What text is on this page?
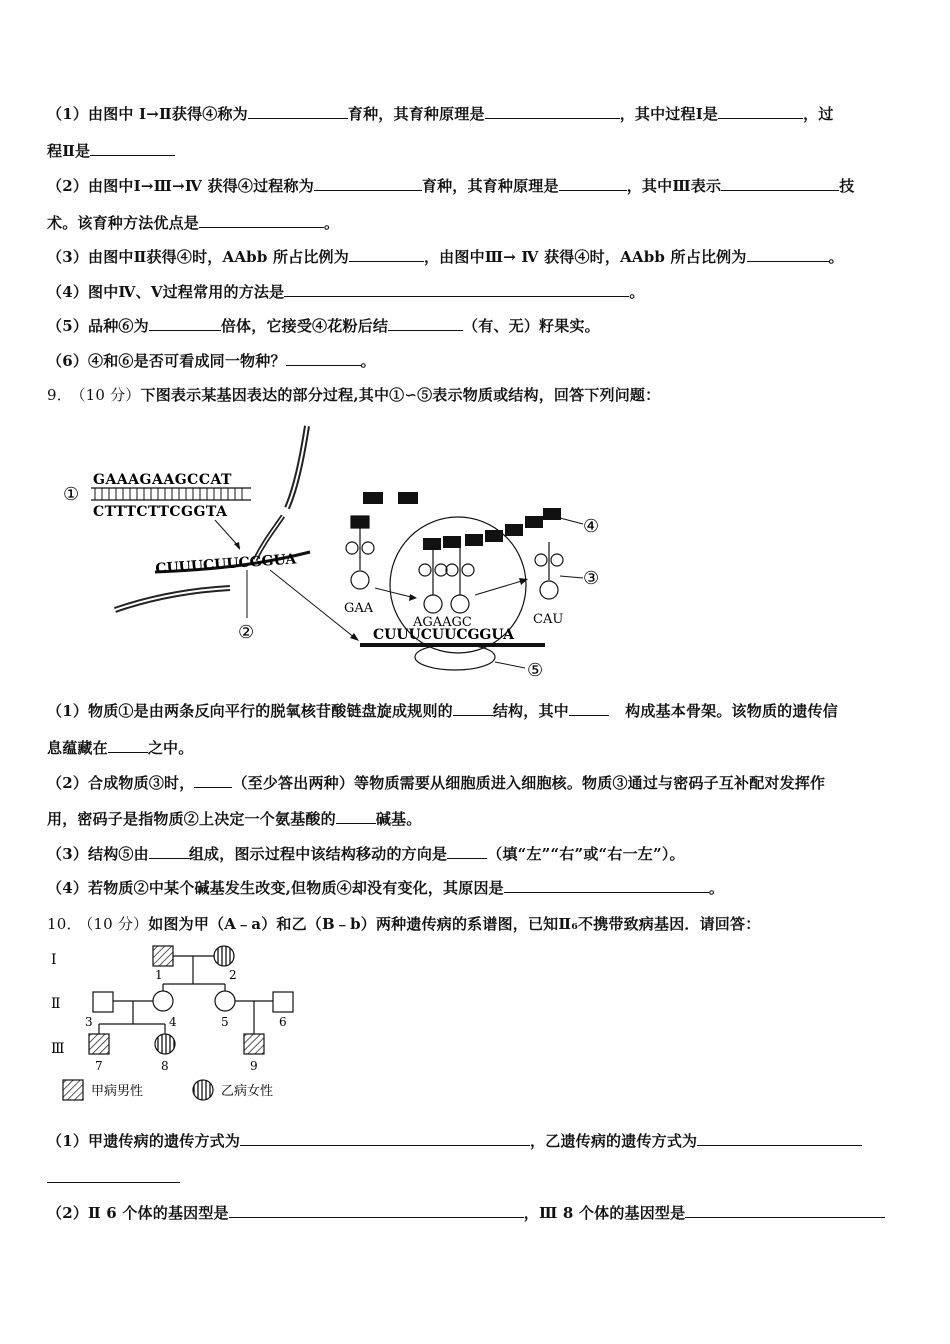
（1）由图中 Ⅰ→Ⅱ获得④称为	育种，其育种原理是	，其中过程Ⅰ是	，过
程Ⅱ是
（2）由图中Ⅰ→Ⅲ→Ⅳ 获得④过程称为	育种，其育种原理是	，其中Ⅲ表示	技
术。该育种方法优点是	。
（3）由图中Ⅱ获得④时，AAbb 所占比例为	，由图中Ⅲ→ Ⅳ 获得④时，AAbb 所占比例为	。
（4）图中Ⅳ、Ⅴ过程常用的方法是	。
（5）品种⑥为	倍体，它接受④花粉后结	（有、无）籽果实。
（6）④和⑥是否可看成同一物种？	。
9． （10 分）下图表示某基因表达的部分过程,其中①∽⑤表示物质或结构，回答下列问题：
①
GAAAGAAGCCAT
CTTTCTTCGGTA
CUUUCUUCGGUA
②
GAA
④
AGAAGC	CAU
③
CUUUCUUCGGUA
⑤
（1）物质①是由两条反向平行的脱氧核苷酸链盘旋成规则的	结构，其中	构成基本骨架。该物质的遗传信
息蕴藏在	之中。
（2）合成物质③时，	（至少答出两种）等物质需要从细胞质进入细胞核。物质③通过与密码子互补配对发挥作
用，密码子是指物质②上决定一个氨基酸的	碱基。
（3）结构⑤由	组成，图示过程中该结构移动的方向是	（填“左”“右”或“右一左”）。
（4）若物质②中某个碱基发生改变,但物质④却没有变化，其原因是	。
10． （10 分）如图为甲（A﹣a）和乙（B﹣b）两种遗传病的系谱图，已知Ⅱ₆不携带致病基因．请回答：
Ⅰ
Ⅱ
Ⅲ
1	2
3	4	5	6
7	8	9
甲病男性	乙病女性
（1）甲遗传病的遗传方式为	，乙遗传病的遗传方式为
（2）Ⅱ 6 个体的基因型是	，Ⅲ 8 个体的基因型是
